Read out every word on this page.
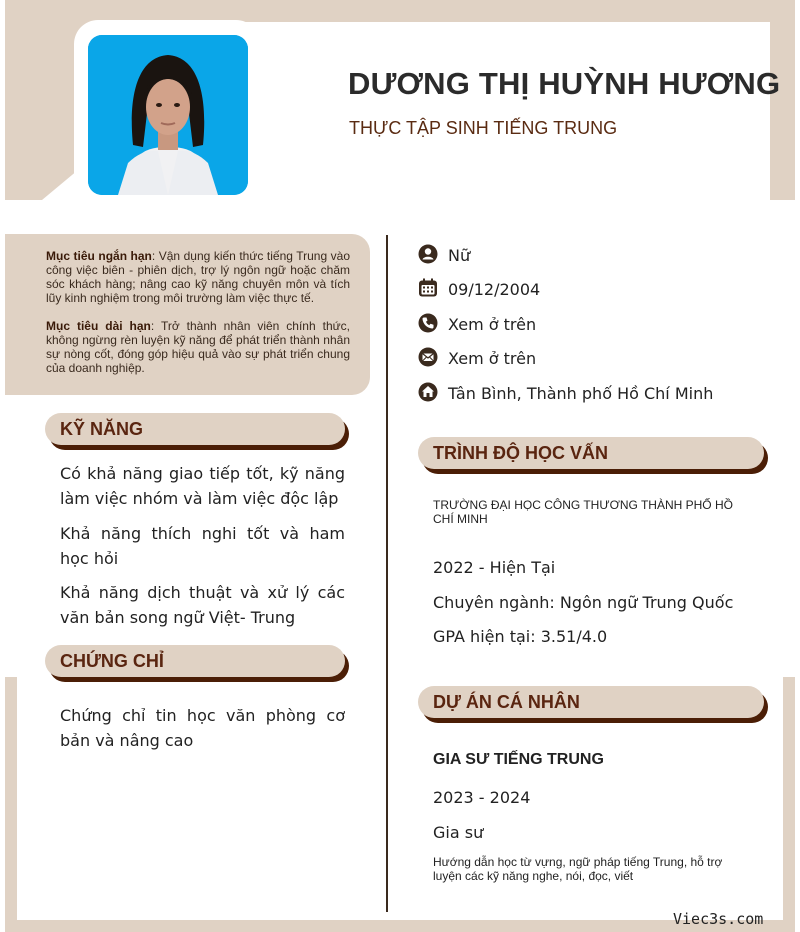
DƯƠNG THỊ HUỲNH HƯƠNG
THỰC TẬP SINH TIẾNG TRUNG
Mục tiêu ngắn hạn: Vận dụng kiến thức tiếng Trung vào công việc biên - phiên dịch, trợ lý ngôn ngữ hoặc chăm sóc khách hàng; nâng cao kỹ năng chuyên môn và tích lũy kinh nghiệm trong môi trường làm việc thực tế.
Mục tiêu dài hạn: Trở thành nhân viên chính thức, không ngừng rèn luyện kỹ năng để phát triển thành nhân sự nòng cốt, đóng góp hiệu quả vào sự phát triển chung của doanh nghiệp.
KỸ NĂNG
Có khả năng giao tiếp tốt, kỹ năng làm việc nhóm và làm việc độc lập
Khả năng thích nghi tốt và ham học hỏi
Khả năng dịch thuật và xử lý các văn bản song ngữ Việt- Trung
CHỨNG CHỈ
Chứng chỉ tin học văn phòng cơ bản và nâng cao
Nữ
09/12/2004
Xem ở trên
Xem ở trên
Tân Bình, Thành phố Hồ Chí Minh
TRÌNH ĐỘ HỌC VẤN
TRƯỜNG ĐẠI HỌC CÔNG THƯƠNG THÀNH PHỐ HỒ CHÍ MINH
2022 - Hiện Tại
Chuyên ngành: Ngôn ngữ Trung Quốc
GPA hiện tại: 3.51/4.0
DỰ ÁN CÁ NHÂN
GIA SƯ TIẾNG TRUNG
2023 - 2024
Gia sư
Hướng dẫn học từ vựng, ngữ pháp tiếng Trung, hỗ trợ luyện các kỹ năng nghe, nói, đọc, viết
Viec3s.com
